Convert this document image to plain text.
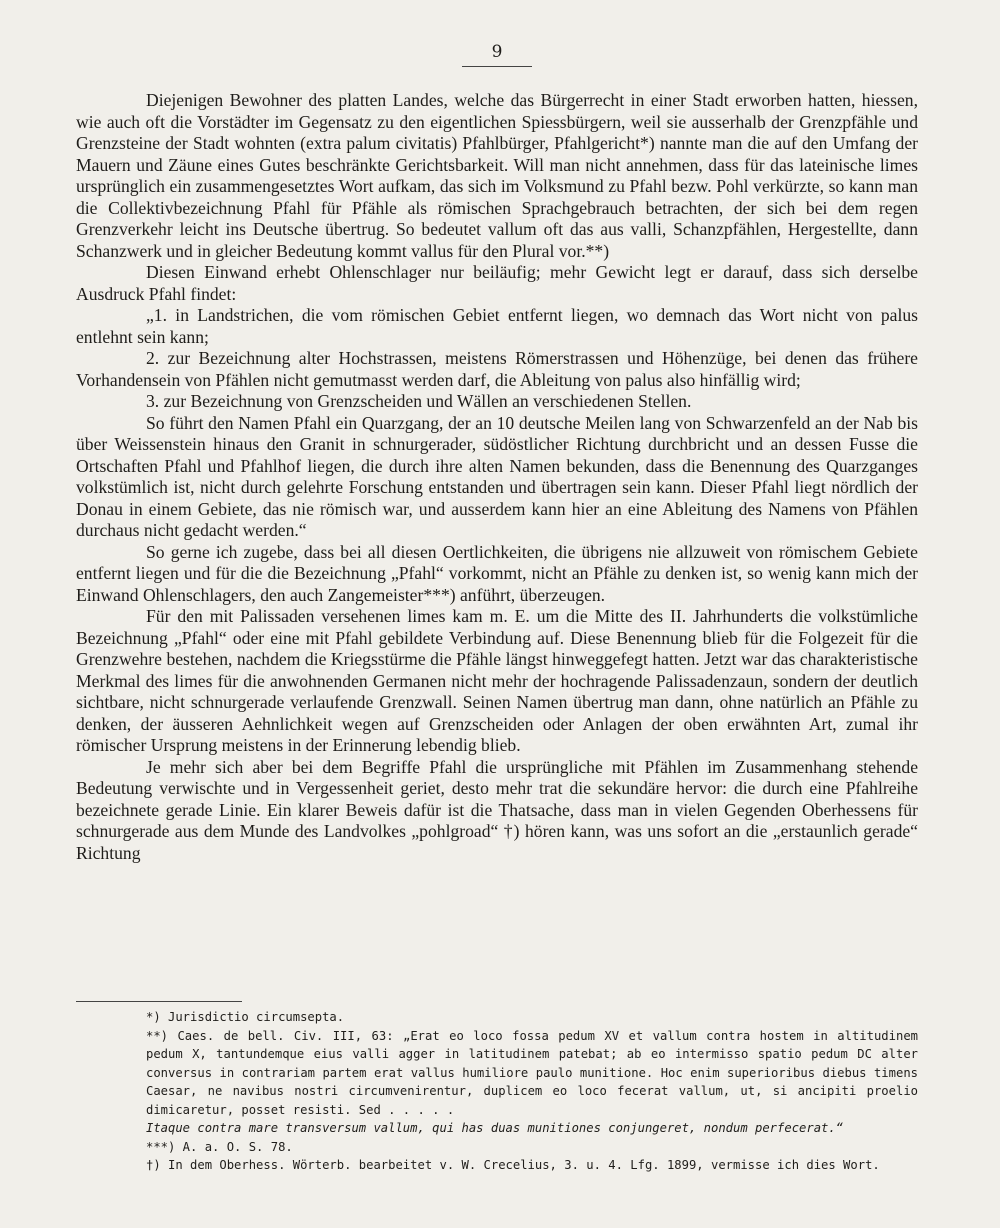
9

Diejenigen Bewohner des platten Landes, welche das Bürgerrecht in einer Stadt erworben hatten, hiessen, wie auch oft die Vorstädter im Gegensatz zu den eigentlichen Spiessbürgern, weil sie ausserhalb der Grenzpfähle und Grenzsteine der Stadt wohnten (extra palum civitatis) Pfahlbürger, Pfahlgericht*) nannte man die auf den Umfang der Mauern und Zäune eines Gutes beschränkte Gerichtsbarkeit. Will man nicht annehmen, dass für das lateinische limes ursprünglich ein zusammengesetztes Wort aufkam, das sich im Volksmund zu Pfahl bezw. Pohl verkürzte, so kann man die Collektivbezeichnung Pfahl für Pfähle als römischen Sprachgebrauch betrachten, der sich bei dem regen Grenzverkehr leicht ins Deutsche übertrug. So bedeutet vallum oft das aus valli, Schanzpfählen, Hergestellte, dann Schanzwerk und in gleicher Bedeutung kommt vallus für den Plural vor.**)

Diesen Einwand erhebt Ohlenschlager nur beiläufig; mehr Gewicht legt er darauf, dass sich derselbe Ausdruck Pfahl findet:

„1. in Landstrichen, die vom römischen Gebiet entfernt liegen, wo demnach das Wort nicht von palus entlehnt sein kann;

2. zur Bezeichnung alter Hochstrassen, meistens Römerstrassen und Höhenzüge, bei denen das frühere Vorhandensein von Pfählen nicht gemutmasst werden darf, die Ableitung von palus also hinfällig wird;

3. zur Bezeichnung von Grenzscheiden und Wällen an verschiedenen Stellen.

So führt den Namen Pfahl ein Quarzgang, der an 10 deutsche Meilen lang von Schwarzenfeld an der Nab bis über Weissenstein hinaus den Granit in schnurgerader, südöstlicher Richtung durchbricht und an dessen Fusse die Ortschaften Pfahl und Pfahlhof liegen, die durch ihre alten Namen bekunden, dass die Benennung des Quarzganges volkstümlich ist, nicht durch gelehrte Forschung entstanden und übertragen sein kann. Dieser Pfahl liegt nördlich der Donau in einem Gebiete, das nie römisch war, und ausserdem kann hier an eine Ableitung des Namens von Pfählen durchaus nicht gedacht werden.“

So gerne ich zugebe, dass bei all diesen Oertlichkeiten, die übrigens nie allzuweit von römischem Gebiete entfernt liegen und für die die Bezeichnung „Pfahl“ vorkommt, nicht an Pfähle zu denken ist, so wenig kann mich der Einwand Ohlenschlagers, den auch Zangemeister***) anführt, überzeugen.

Für den mit Palissaden versehenen limes kam m. E. um die Mitte des II. Jahrhunderts die volkstümliche Bezeichnung „Pfahl“ oder eine mit Pfahl gebildete Verbindung auf. Diese Benennung blieb für die Folgezeit für die Grenzwehre bestehen, nachdem die Kriegsstürme die Pfähle längst hinweggefegt hatten. Jetzt war das charakteristische Merkmal des limes für die anwohnenden Germanen nicht mehr der hochragende Palissadenzaun, sondern der deutlich sichtbare, nicht schnurgerade verlaufende Grenzwall. Seinen Namen übertrug man dann, ohne natürlich an Pfähle zu denken, der äusseren Aehnlichkeit wegen auf Grenzscheiden oder Anlagen der oben erwähnten Art, zumal ihr römischer Ursprung meistens in der Erinnerung lebendig blieb.

Je mehr sich aber bei dem Begriffe Pfahl die ursprüngliche mit Pfählen im Zusammenhang stehende Bedeutung verwischte und in Vergessenheit geriet, desto mehr trat die sekundäre hervor: die durch eine Pfahlreihe bezeichnete gerade Linie. Ein klarer Beweis dafür ist die Thatsache, dass man in vielen Gegenden Oberhessens für schnurgerade aus dem Munde des Landvolkes „pohlgroad“ †) hören kann, was uns sofort an die „erstaunlich gerade“ Richtung

*) Jurisdictio circumsepta.

**) Caes. de bell. Civ. III, 63: „Erat eo loco fossa pedum XV et vallum contra hostem in altitudinem pedum X, tantundemque eius valli agger in latitudinem patebat; ab eo intermisso spatio pedum DC alter conversus in contrariam partem erat vallus humiliore paulo munitione. Hoc enim superioribus diebus timens Caesar, ne navibus nostri circumvenirentur, duplicem eo loco fecerat vallum, ut, si ancipiti proelio dimicaretur, posset resisti. Sed . . . . .

Itaque contra mare transversum vallum, qui has duas munitiones conjungeret, nondum perfecerat.“

***) A. a. O. S. 78.

†) In dem Oberhess. Wörterb. bearbeitet v. W. Crecelius, 3. u. 4. Lfg. 1899, vermisse ich dies Wort.
